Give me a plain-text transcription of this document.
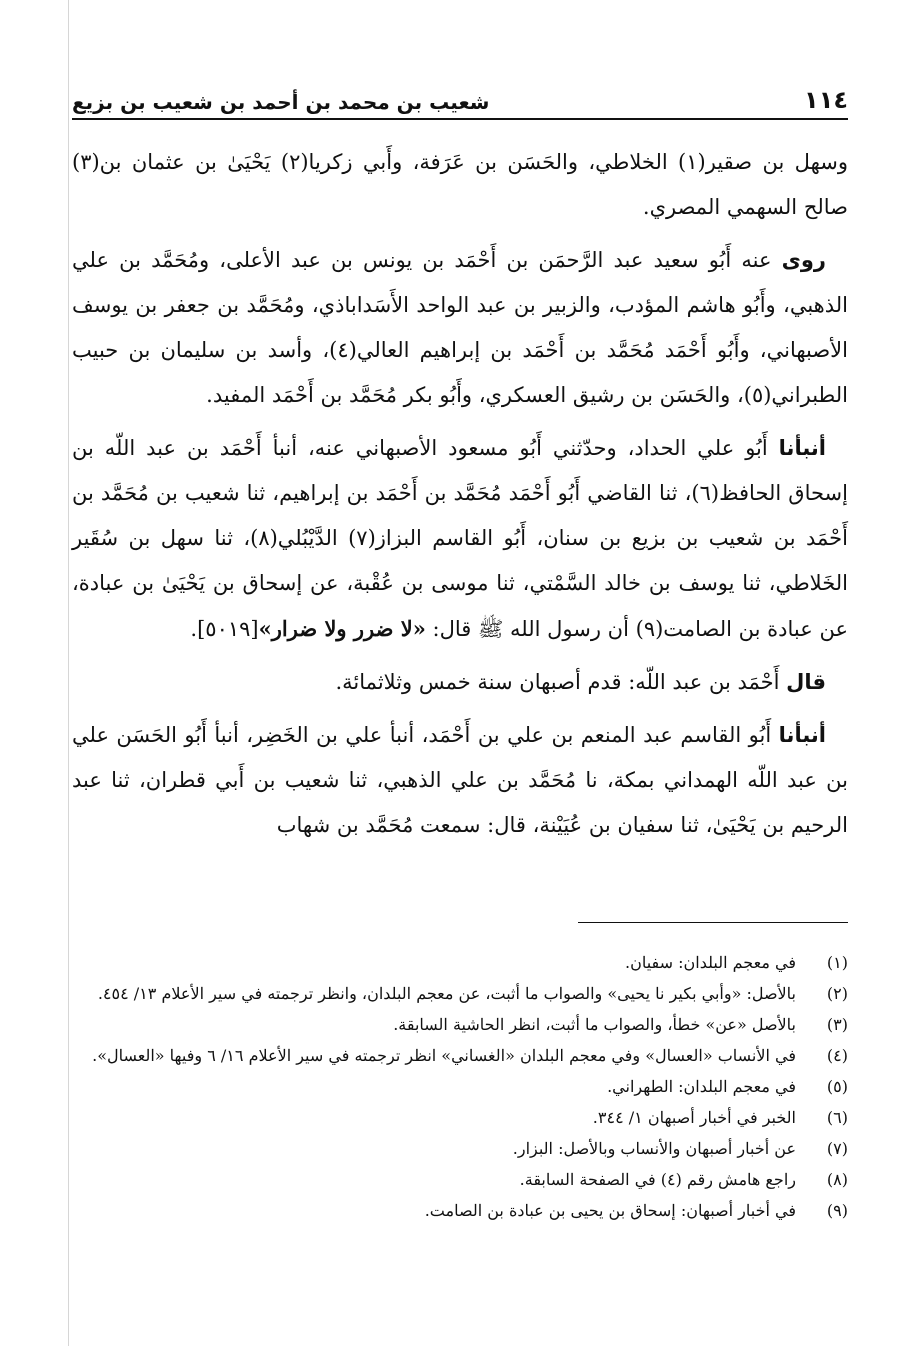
١١٤
شعيب بن محمد بن أحمد بن شعيب بن بزيع

وسهل بن صقير(١) الخلاطي، والحَسَن بن عَرَفة، وأَبي زكريا(٢) يَحْيَىٰ بن عثمان بن(٣) صالح السهمي المصري.

روى عنه أَبُو سعيد عبد الرَّحمَن بن أَحْمَد بن يونس بن عبد الأعلى، ومُحَمَّد بن علي الذهبي، وأَبُو هاشم المؤدب، والزبير بن عبد الواحد الأَسَداباذي، ومُحَمَّد بن جعفر بن يوسف الأصبهاني، وأَبُو أَحْمَد مُحَمَّد بن أَحْمَد بن إبراهيم العالي(٤)، وأسد بن سليمان بن حبيب الطبراني(٥)، والحَسَن بن رشيق العسكري، وأَبُو بكر مُحَمَّد بن أَحْمَد المفيد.

أنبأنا أَبُو علي الحداد، وحدّثني أَبُو مسعود الأصبهاني عنه، أنبأ أَحْمَد بن عبد اللّه بن إسحاق الحافظ(٦)، ثنا القاضي أَبُو أَحْمَد مُحَمَّد بن أَحْمَد بن إبراهيم، ثنا شعيب بن مُحَمَّد بن أَحْمَد بن شعيب بن بزيع بن سنان، أَبُو القاسم البزاز(٧) الدَّيْبُلي(٨)، ثنا سهل بن سُقَير الخَلاطي، ثنا يوسف بن خالد السَّمْتي، ثنا موسى بن عُقْبة، عن إسحاق بن يَحْيَىٰ بن عبادة، عن عبادة بن الصامت(٩) أن رسول الله ﷺ قال: «لا ضرر ولا ضرار»[٥٠١٩].

قال أَحْمَد بن عبد اللّه: قدم أصبهان سنة خمس وثلاثمائة.

أنبأنا أَبُو القاسم عبد المنعم بن علي بن أَحْمَد، أنبأ علي بن الخَضِر، أنبأ أَبُو الحَسَن علي بن عبد اللّه الهمداني بمكة، نا مُحَمَّد بن علي الذهبي، ثنا شعيب بن أَبي قطران، ثنا عبد الرحيم بن يَحْيَىٰ، ثنا سفيان بن عُيَيْنة، قال: سمعت مُحَمَّد بن شهاب

(١)
في معجم البلدان: سفيان.
(٢)
بالأصل: «وأبي بكير نا يحيى» والصواب ما أثبت، عن معجم البلدان، وانظر ترجمته في سير الأعلام ١٣/ ٤٥٤.
(٣)
بالأصل «عن» خطأ، والصواب ما أثبت، انظر الحاشية السابقة.
(٤)
في الأنساب «العسال» وفي معجم البلدان «الغساني» انظر ترجمته في سير الأعلام ١٦/ ٦ وفيها «العسال».
(٥)
في معجم البلدان: الطهراني.
(٦)
الخبر في أخبار أصبهان ١/ ٣٤٤.
(٧)
عن أخبار أصبهان والأنساب وبالأصل: البزار.
(٨)
راجع هامش رقم (٤) في الصفحة السابقة.
(٩)
في أخبار أصبهان: إسحاق بن يحيى بن عبادة بن الصامت.
